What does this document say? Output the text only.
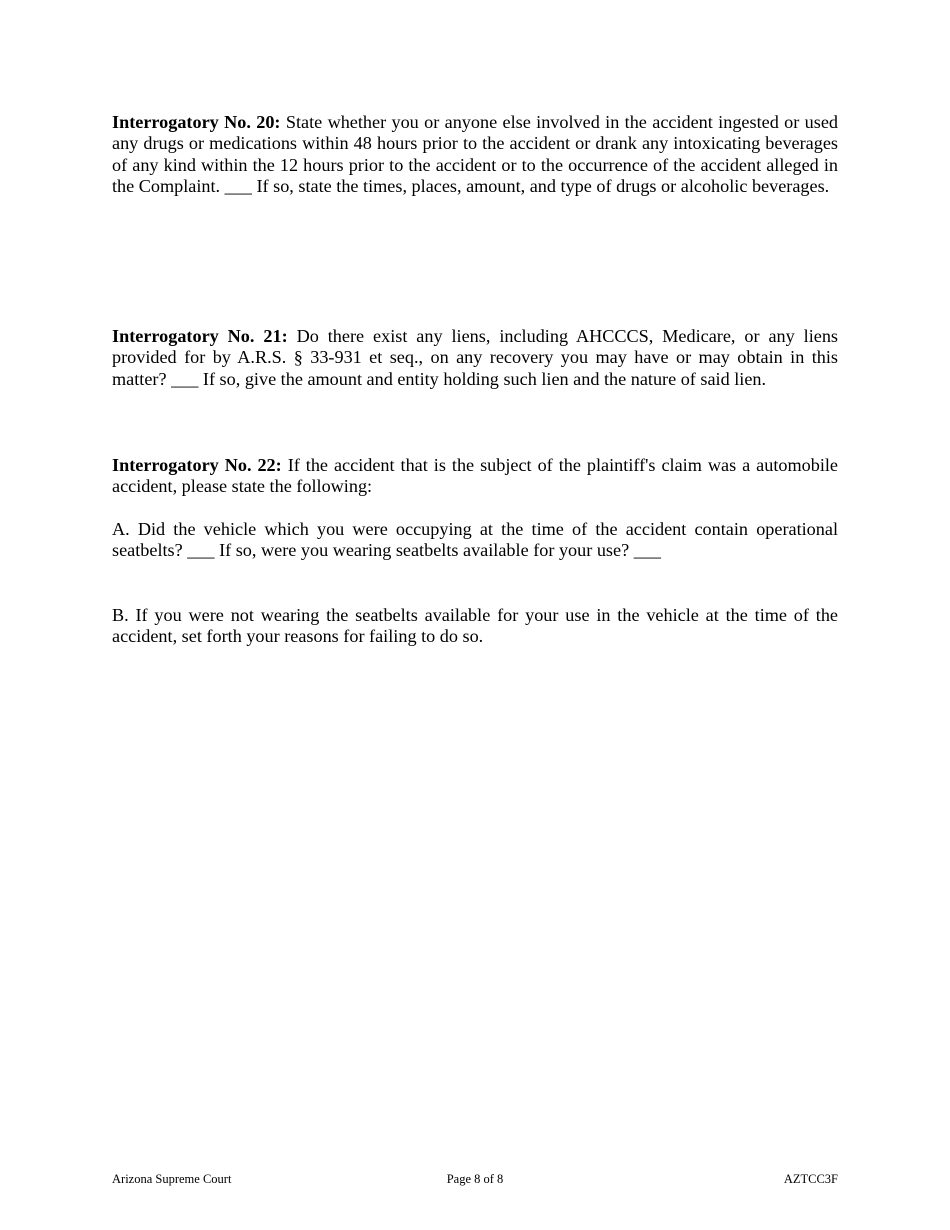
Interrogatory No. 20: State whether you or anyone else involved in the accident ingested or used any drugs or medications within 48 hours prior to the accident or drank any intoxicating beverages of any kind within the 12 hours prior to the accident or to the occurrence of the accident alleged in the Complaint. ___ If so, state the times, places, amount, and type of drugs or alcoholic beverages.

Interrogatory No. 21: Do there exist any liens, including AHCCCS, Medicare, or any liens provided for by A.R.S. § 33-931 et seq., on any recovery you may have or may obtain in this matter? ___ If so, give the amount and entity holding such lien and the nature of said lien.

Interrogatory No. 22: If the accident that is the subject of the plaintiff's claim was a automobile accident, please state the following:

A. Did the vehicle which you were occupying at the time of the accident contain operational seatbelts? ___ If so, were you wearing seatbelts available for your use? ___

B. If you were not wearing the seatbelts available for your use in the vehicle at the time of the accident, set forth your reasons for failing to do so.

Arizona Supreme Court	Page 8 of 8	AZTCC3F
